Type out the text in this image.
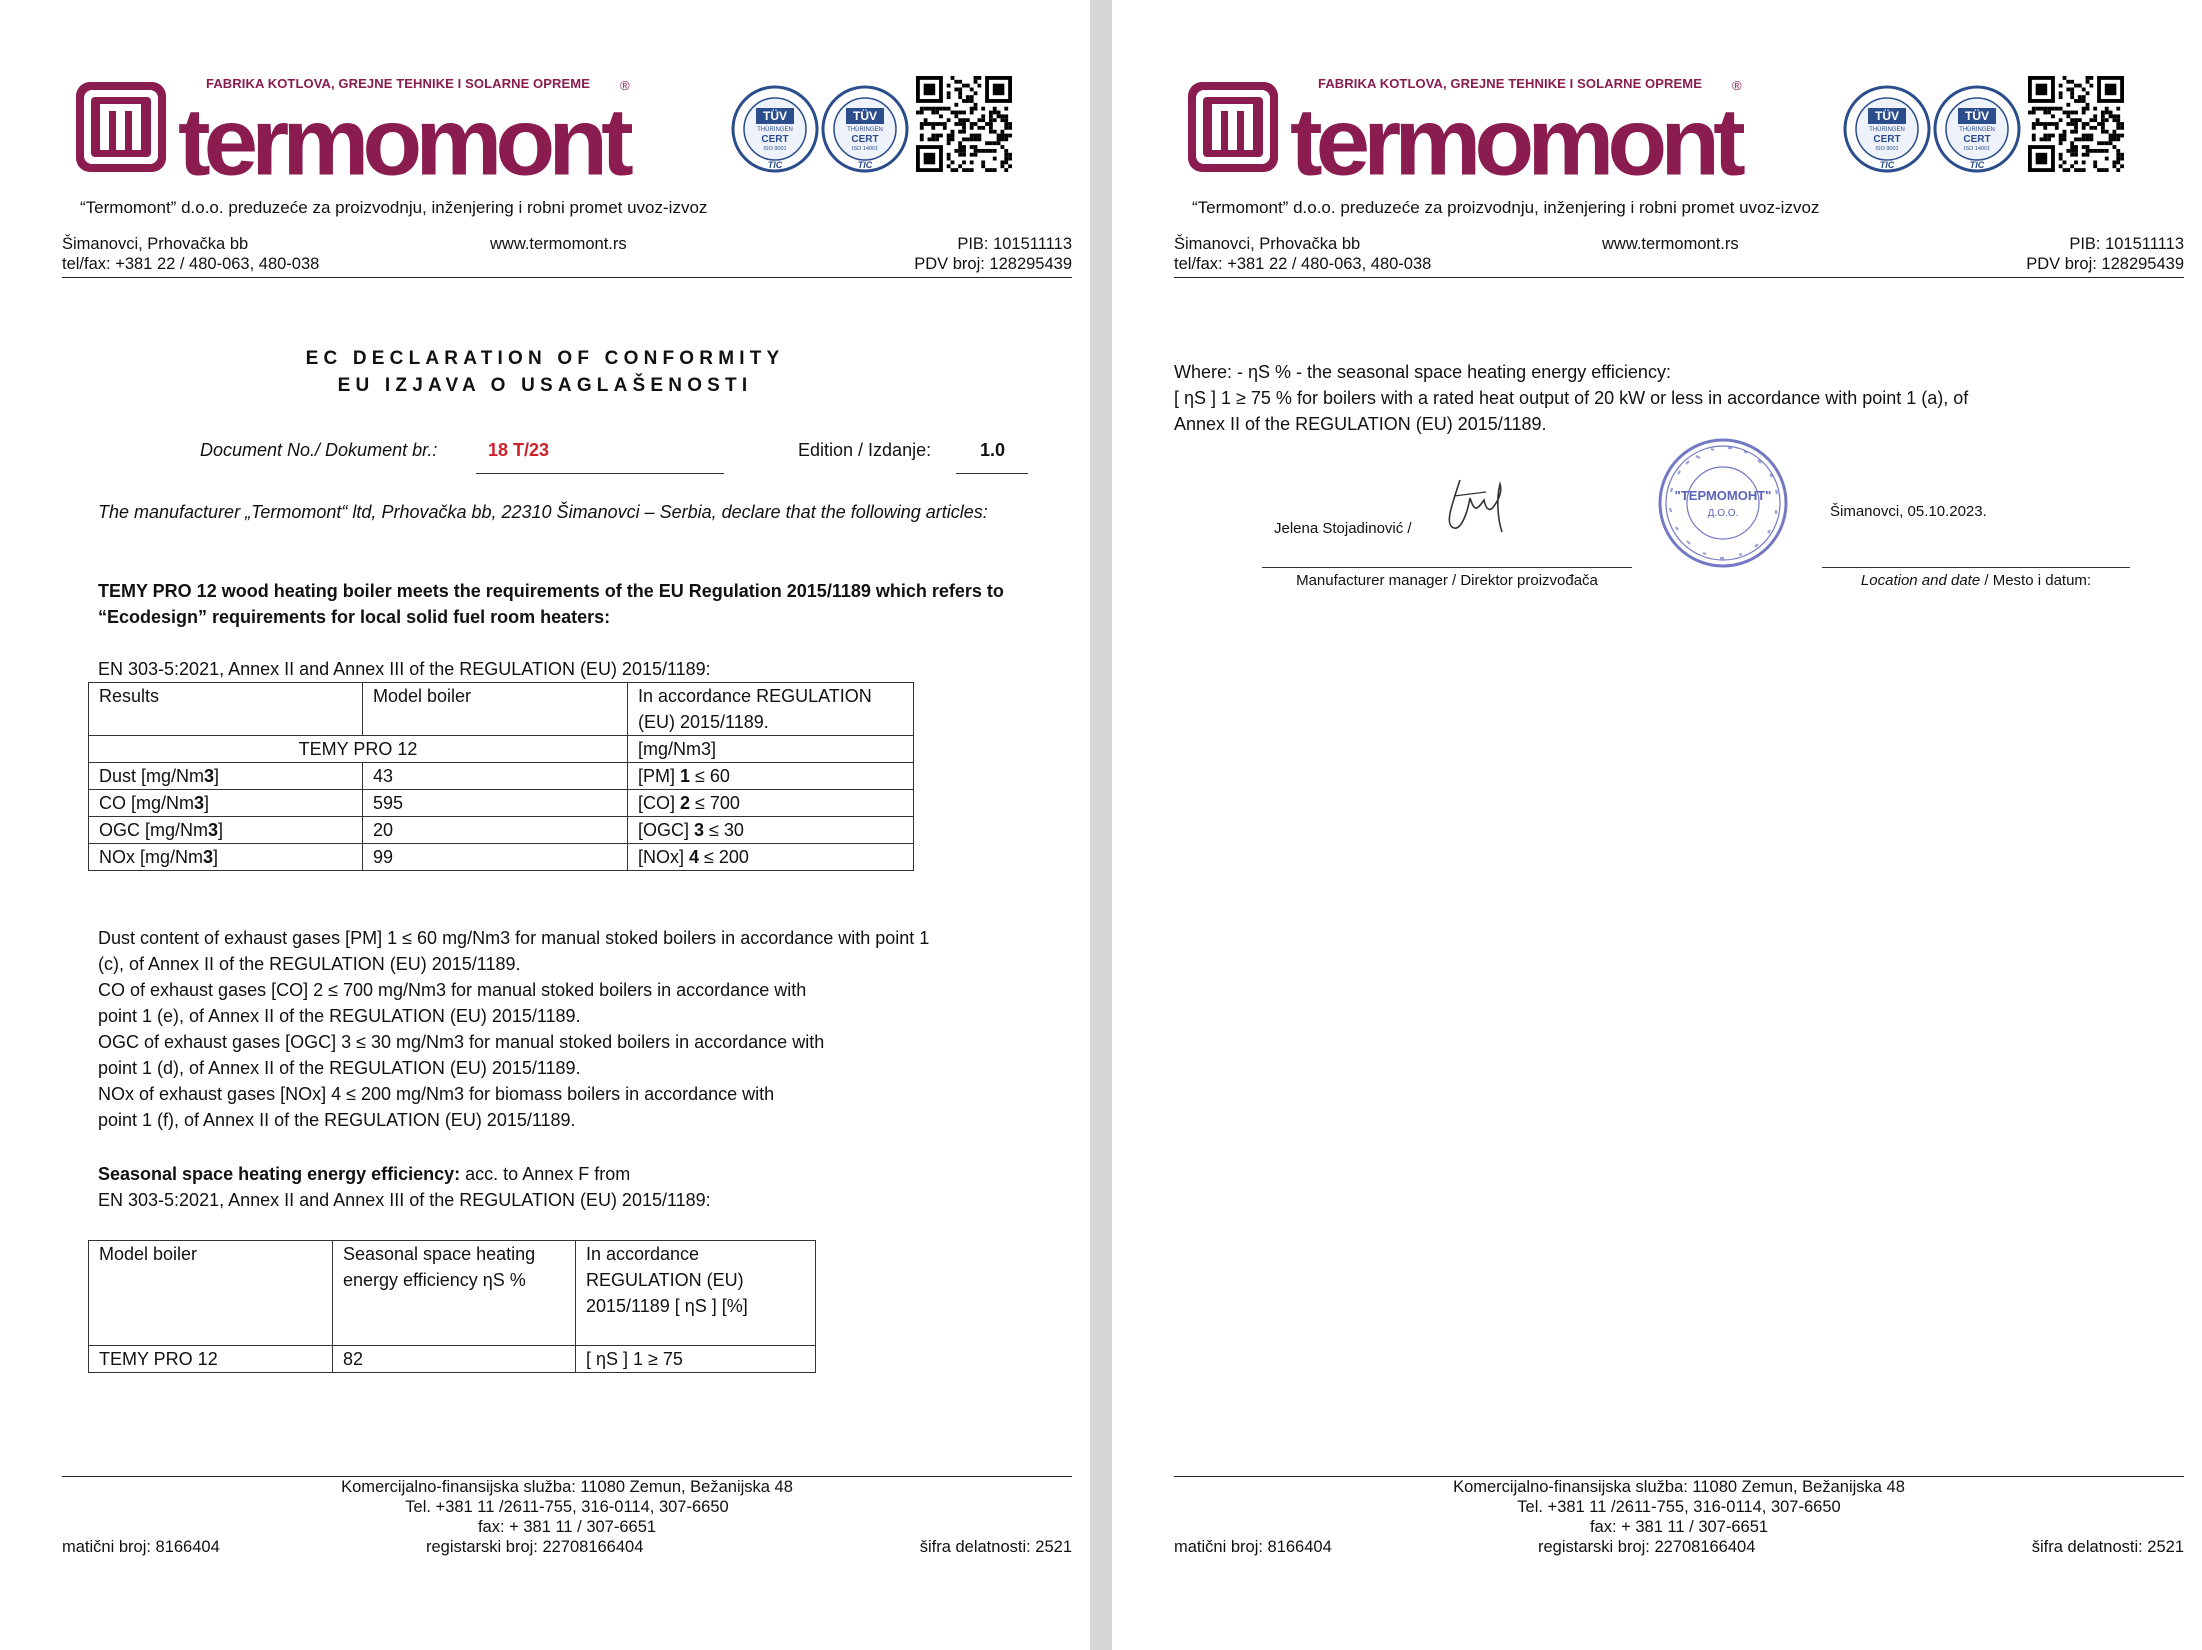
FABRIKA KOTLOVA, GREJNE TEHNIKE I SOLARNE OPREME
termomont
®
TÜV
THÜRINGEN
CERT
ISO 9001
TIC
TÜV
THÜRINGEN
CERT
ISO 14001
TIC
“Termomont” d.o.o. preduzeće za proizvodnju, inženjering i robni promet uvoz-izvoz
Šimanovci, Prhovačka bb
tel/fax: +381 22 / 480-063, 480-038
www.termomont.rs	PIB: 101511113
PDV broj: 128295439
EC DECLARATION OF CONFORMITY
EU IZJAVA O USAGLAŠENOSTI
Document No./ Dokument br.:	18 T/23	Edition / Izdanje:	1.0
The manufacturer „Termomont“ ltd, Prhovačka bb, 22310 Šimanovci – Serbia, declare that the following articles:
TEMY PRO 12 wood heating boiler meets the requirements of the EU Regulation 2015/1189 which refers to “Ecodesign” requirements for local solid fuel room heaters:
EN 303-5:2021, Annex II and Annex III of the REGULATION (EU) 2015/1189:
Results	Model boiler	In accordance REGULATION (EU) 2015/1189.
TEMY PRO 12		[mg/Nm3]
Dust [mg/Nm3]	43	[PM] 1 ≤ 60
CO [mg/Nm3]	595	[CO] 2 ≤ 700
OGC [mg/Nm3]	20	[OGC] 3 ≤ 30
NOx [mg/Nm3]	99	[NOx] 4 ≤ 200
Dust content of exhaust gases [PM] 1 ≤ 60 mg/Nm3 for manual stoked boilers in accordance with point 1
(c), of Annex II of the REGULATION (EU) 2015/1189.
CO of exhaust gases [CO] 2 ≤ 700 mg/Nm3 for manual stoked boilers in accordance with
point 1 (e), of Annex II of the REGULATION (EU) 2015/1189.
OGC of exhaust gases [OGC] 3 ≤ 30 mg/Nm3 for manual stoked boilers in accordance with
point 1 (d), of Annex II of the REGULATION (EU) 2015/1189.
NOx of exhaust gases [NOx] 4 ≤ 200 mg/Nm3 for biomass boilers in accordance with
point 1 (f), of Annex II of the REGULATION (EU) 2015/1189.
Seasonal space heating energy efficiency: acc. to Annex F from
EN 303-5:2021, Annex II and Annex III of the REGULATION (EU) 2015/1189:
Model boiler	Seasonal space heating energy efficiency ηS %	In accordance REGULATION (EU) 2015/1189 [ ηS ] [%]
TEMY PRO 12	82	[ ηS ] 1 ≥ 75
Komercijalno-finansijska služba: 11080 Zemun, Bežanijska 48
Tel. +381 11 /2611-755, 316-0114, 307-6650
fax: + 381 11 / 307-6651
matični broj: 8166404	registarski broj: 22708166404	šifra delatnosti: 2521
FABRIKA KOTLOVA, GREJNE TEHNIKE I SOLARNE OPREME
termomont
®
TÜV
THÜRINGEN
CERT
ISO 9001
TIC
TÜV
THÜRINGEN
CERT
ISO 14001
TIC
“Termomont” d.o.o. preduzeće za proizvodnju, inženjering i robni promet uvoz-izvoz
Šimanovci, Prhovačka bb
tel/fax: +381 22 / 480-063, 480-038
www.termomont.rs	PIB: 101511113
PDV broj: 128295439
Where: - ηS % - the seasonal space heating energy efficiency:
[ ηS ] 1 ≥ 75 % for boilers with a rated heat output of 20 kW or less in accordance with point 1 (a), of
Annex II of the REGULATION (EU) 2015/1189.
Jelena Stojadinović /
"ТЕРМОМОНТ"
Д.О.О.	Šimanovci, 05.10.2023.
Manufacturer manager / Direktor proizvođača	Location and date / Mesto i datum:
Komercijalno-finansijska služba: 11080 Zemun, Bežanijska 48
Tel. +381 11 /2611-755, 316-0114, 307-6650
fax: + 381 11 / 307-6651
matični broj: 8166404	registarski broj: 22708166404	šifra delatnosti: 2521
